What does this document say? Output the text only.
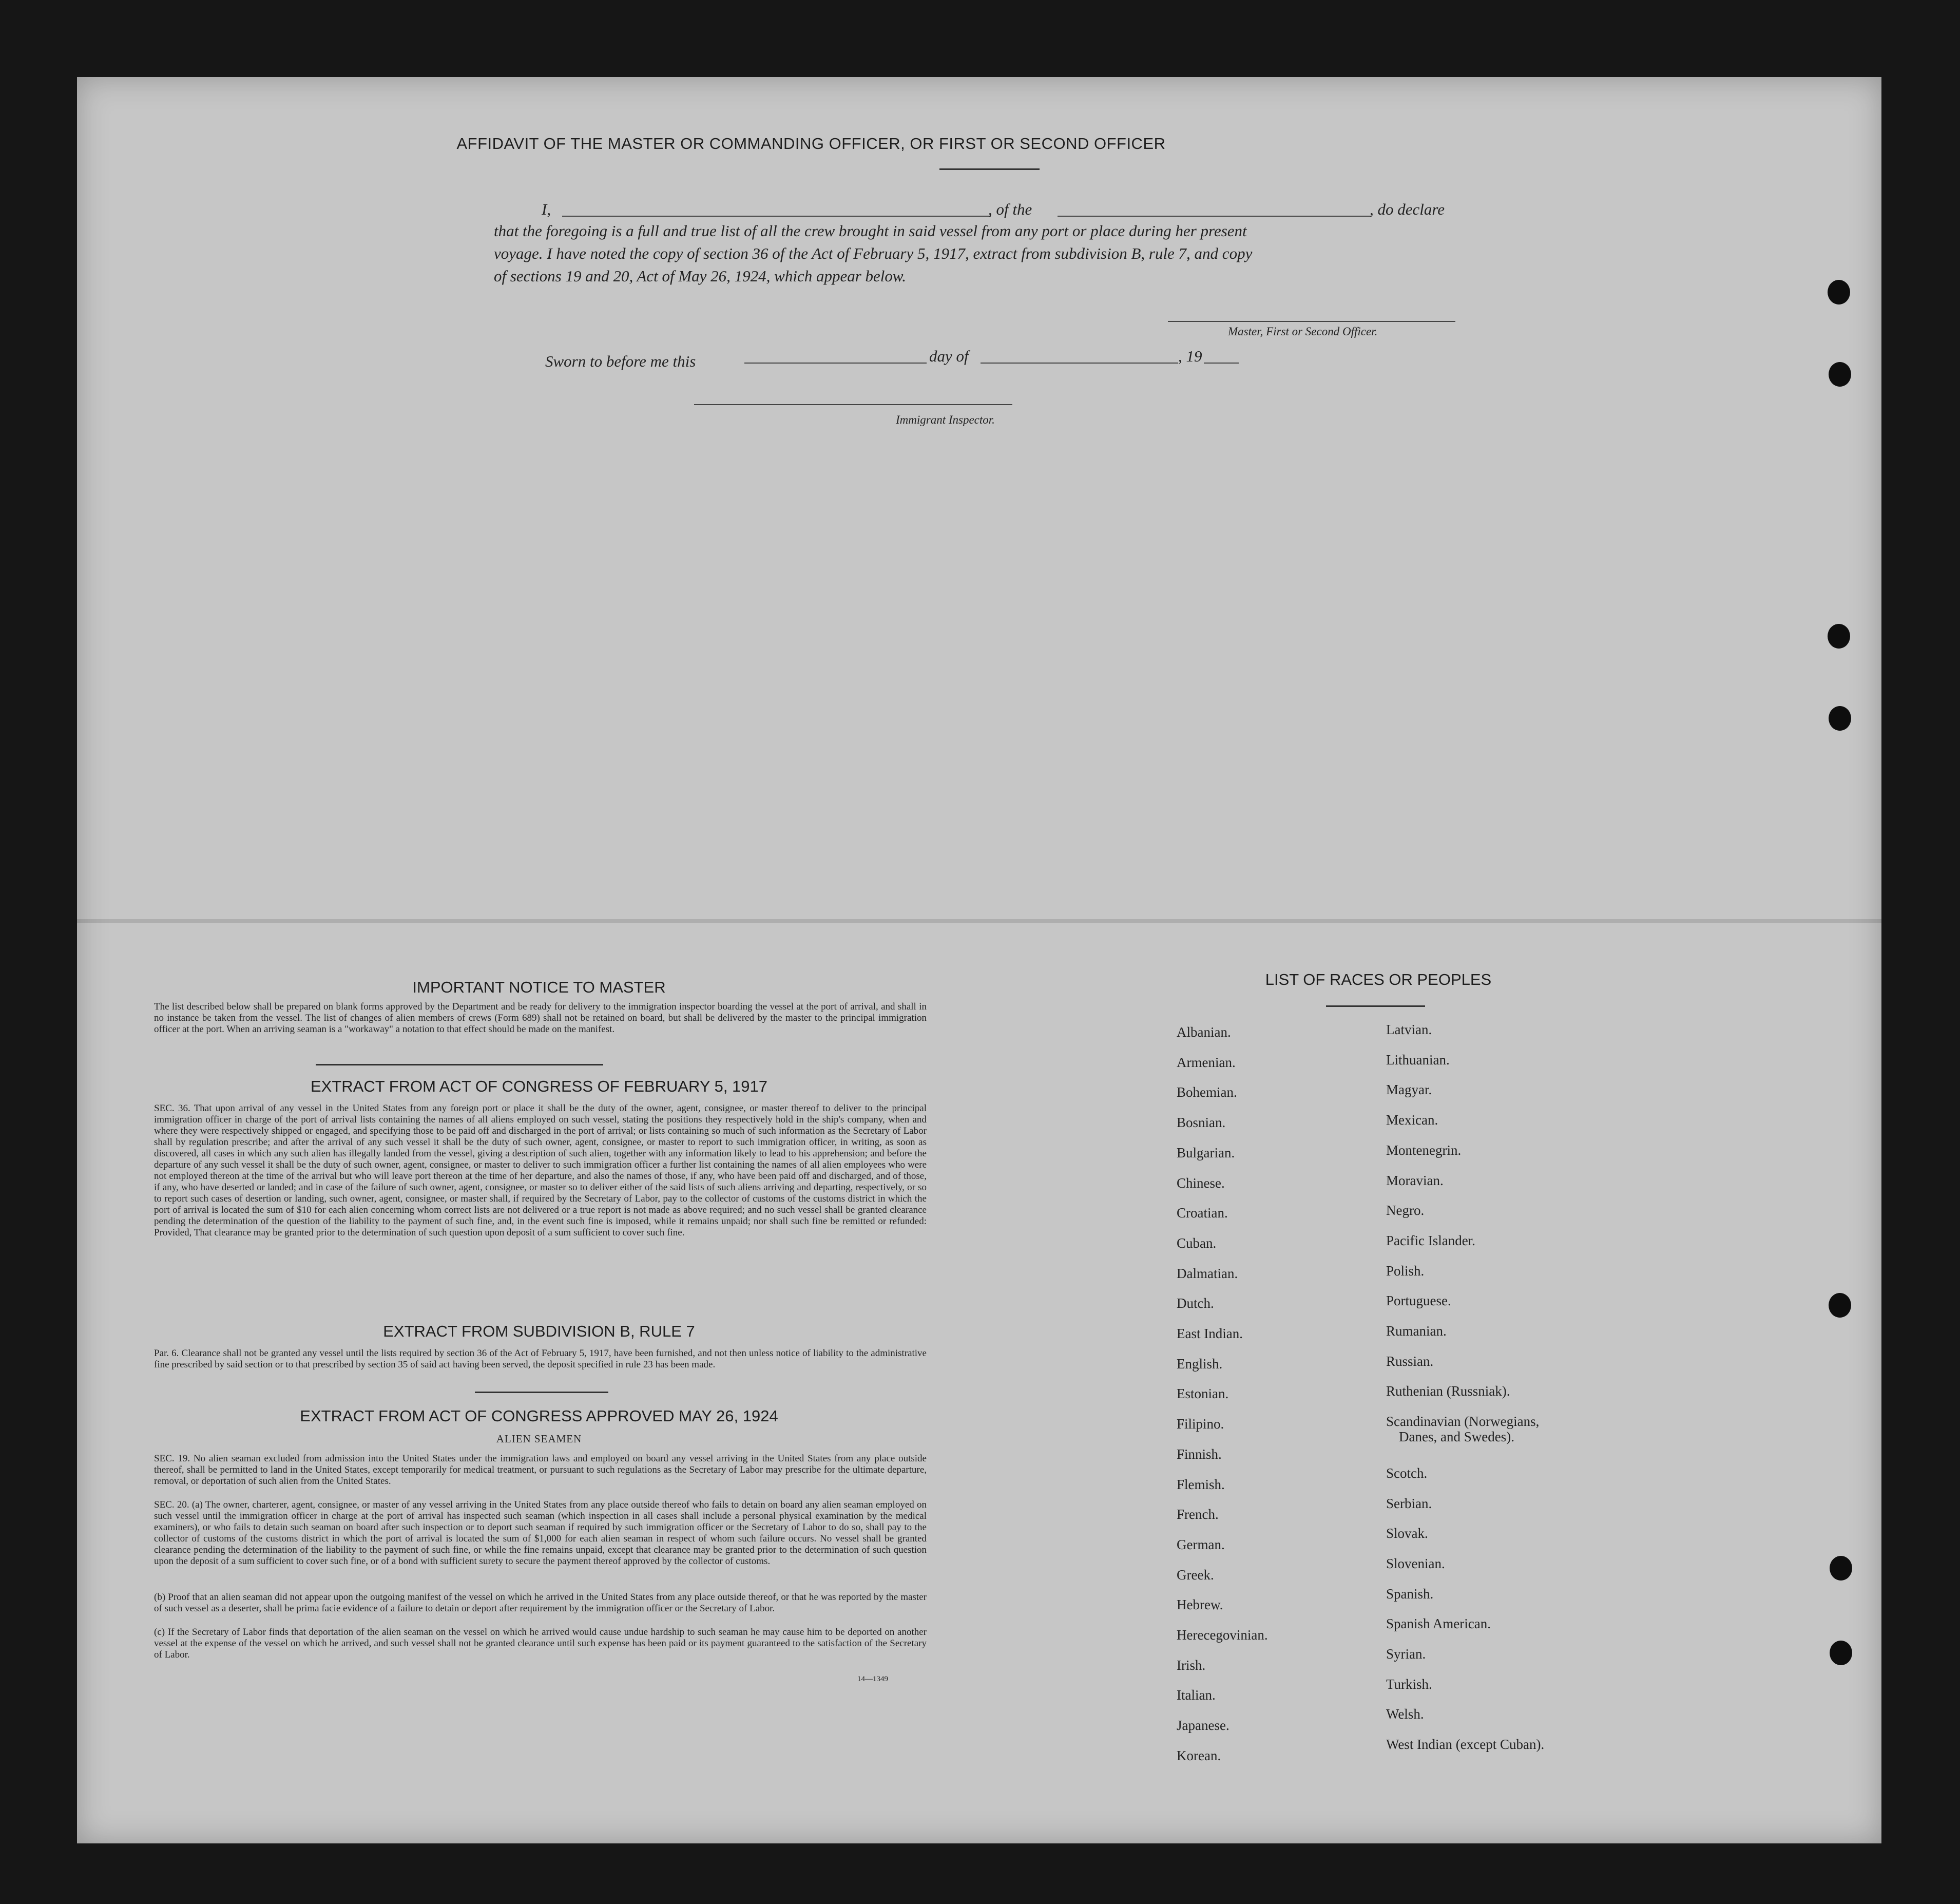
AFFIDAVIT OF THE MASTER OR COMMANDING OFFICER, OR FIRST OR SECOND OFFICER
I,	, of the	, do declare
that the foregoing is a full and true list of all the crew brought in said vessel from any port or place during her present
voyage. I have noted the copy of section 36 of the Act of February 5, 1917, extract from subdivision B, rule 7, and copy
of sections 19 and 20, Act of May 26, 1924, which appear below.
Master, First or Second Officer.
Sworn to before me this	day of	, 19
Immigrant Inspector.
IMPORTANT NOTICE TO MASTER
The list described below shall be prepared on blank forms approved by the Department and be ready for delivery to the immigration inspector boarding the vessel at the port of arrival, and shall in no instance be taken from the vessel. The list of changes of alien members of crews (Form 689) shall not be retained on board, but shall be delivered by the master to the principal immigration officer at the port. When an arriving seaman is a "workaway" a notation to that effect should be made on the manifest.
EXTRACT FROM ACT OF CONGRESS OF FEBRUARY 5, 1917
SEC. 36. That upon arrival of any vessel in the United States from any foreign port or place it shall be the duty of the owner, agent, consignee, or master thereof to deliver to the principal immigration officer in charge of the port of arrival lists containing the names of all aliens employed on such vessel, stating the positions they respectively hold in the ship's company, when and where they were respectively shipped or engaged, and specifying those to be paid off and discharged in the port of arrival; or lists containing so much of such information as the Secretary of Labor shall by regulation prescribe; and after the arrival of any such vessel it shall be the duty of such owner, agent, consignee, or master to report to such immigration officer, in writing, as soon as discovered, all cases in which any such alien has illegally landed from the vessel, giving a description of such alien, together with any information likely to lead to his apprehension; and before the departure of any such vessel it shall be the duty of such owner, agent, consignee, or master to deliver to such immigration officer a further list containing the names of all alien employees who were not employed thereon at the time of the arrival but who will leave port thereon at the time of her departure, and also the names of those, if any, who have been paid off and discharged, and of those, if any, who have deserted or landed; and in case of the failure of such owner, agent, consignee, or master so to deliver either of the said lists of such aliens arriving and departing, respectively, or so to report such cases of desertion or landing, such owner, agent, consignee, or master shall, if required by the Secretary of Labor, pay to the collector of customs of the customs district in which the port of arrival is located the sum of $10 for each alien concerning whom correct lists are not delivered or a true report is not made as above required; and no such vessel shall be granted clearance pending the determination of the question of the liability to the payment of such fine, and, in the event such fine is imposed, while it remains unpaid; nor shall such fine be remitted or refunded: Provided, That clearance may be granted prior to the determination of such question upon deposit of a sum sufficient to cover such fine.
EXTRACT FROM SUBDIVISION B, RULE 7
Par. 6. Clearance shall not be granted any vessel until the lists required by section 36 of the Act of February 5, 1917, have been furnished, and not then unless notice of liability to the administrative fine prescribed by said section or to that prescribed by section 35 of said act having been served, the deposit specified in rule 23 has been made.
EXTRACT FROM ACT OF CONGRESS APPROVED MAY 26, 1924
ALIEN SEAMEN
SEC. 19. No alien seaman excluded from admission into the United States under the immigration laws and employed on board any vessel arriving in the United States from any place outside thereof, shall be permitted to land in the United States, except temporarily for medical treatment, or pursuant to such regulations as the Secretary of Labor may prescribe for the ultimate departure, removal, or deportation of such alien from the United States.
SEC. 20. (a) The owner, charterer, agent, consignee, or master of any vessel arriving in the United States from any place outside thereof who fails to detain on board any alien seaman employed on such vessel until the immigration officer in charge at the port of arrival has inspected such seaman (which inspection in all cases shall include a personal physical examination by the medical examiners), or who fails to detain such seaman on board after such inspection or to deport such seaman if required by such immigration officer or the Secretary of Labor to do so, shall pay to the collector of customs of the customs district in which the port of arrival is located the sum of $1,000 for each alien seaman in respect of whom such failure occurs. No vessel shall be granted clearance pending the determination of the liability to the payment of such fine, or while the fine remains unpaid, except that clearance may be granted prior to the determination of such question upon the deposit of a sum sufficient to cover such fine, or of a bond with sufficient surety to secure the payment thereof approved by the collector of customs.
(b) Proof that an alien seaman did not appear upon the outgoing manifest of the vessel on which he arrived in the United States from any place outside thereof, or that he was reported by the master of such vessel as a deserter, shall be prima facie evidence of a failure to detain or deport after requirement by the immigration officer or the Secretary of Labor.
(c) If the Secretary of Labor finds that deportation of the alien seaman on the vessel on which he arrived would cause undue hardship to such seaman he may cause him to be deported on another vessel at the expense of the vessel on which he arrived, and such vessel shall not be granted clearance until such expense has been paid or its payment guaranteed to the satisfaction of the Secretary of Labor.
14—1349
LIST OF RACES OR PEOPLES
Albanian.
Armenian.
Bohemian.
Bosnian.
Bulgarian.
Chinese.
Croatian.
Cuban.
Dalmatian.
Dutch.
East Indian.
English.
Estonian.
Filipino.
Finnish.
Flemish.
French.
German.
Greek.
Hebrew.
Herecegovinian.
Irish.
Italian.
Japanese.
Korean.
Latvian.
Lithuanian.
Magyar.
Mexican.
Montenegrin.
Moravian.
Negro.
Pacific Islander.
Polish.
Portuguese.
Rumanian.
Russian.
Ruthenian (Russniak).
Scandinavian (Norwegians,
Danes, and Swedes).
Scotch.
Serbian.
Slovak.
Slovenian.
Spanish.
Spanish American.
Syrian.
Turkish.
Welsh.
West Indian (except Cuban).
